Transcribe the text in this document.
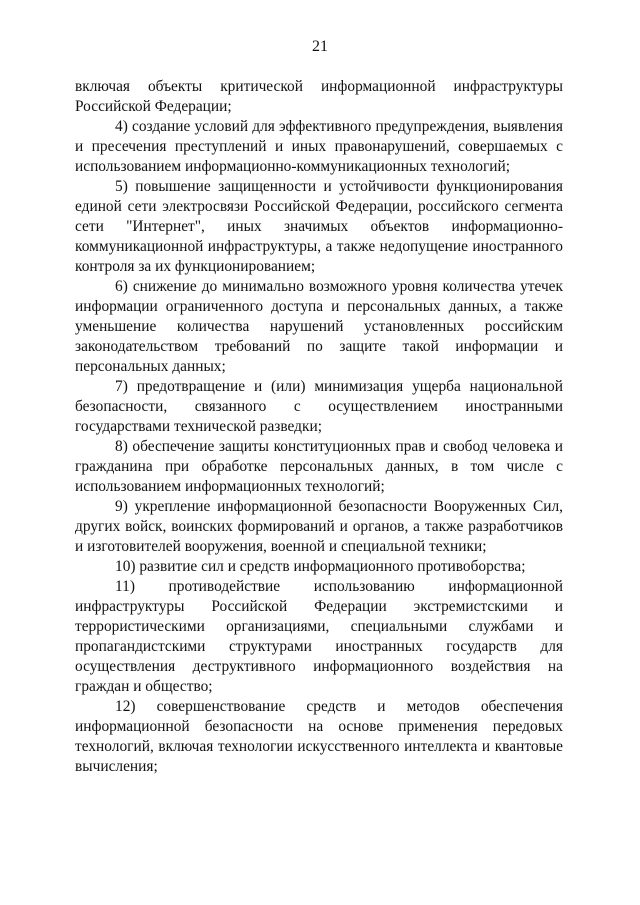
21

включая объекты критической информационной инфраструктуры Российской Федерации;

4) создание условий для эффективного предупреждения, выявления и пресечения преступлений и иных правонарушений, совершаемых с использованием информационно-коммуникационных технологий;

5) повышение защищенности и устойчивости функционирования единой сети электросвязи Российской Федерации, российского сегмента сети "Интернет", иных значимых объектов информационно-коммуникационной инфраструктуры, а также недопущение иностранного контроля за их функционированием;

6) снижение до минимально возможного уровня количества утечек информации ограниченного доступа и персональных данных, а также уменьшение количества нарушений установленных российским законодательством требований по защите такой информации и персональных данных;

7) предотвращение и (или) минимизация ущерба национальной безопасности, связанного с осуществлением иностранными государствами технической разведки;

8) обеспечение защиты конституционных прав и свобод человека и гражданина при обработке персональных данных, в том числе с использованием информационных технологий;

9) укрепление информационной безопасности Вооруженных Сил, других войск, воинских формирований и органов, а также разработчиков и изготовителей вооружения, военной и специальной техники;

10) развитие сил и средств информационного противоборства;

11) противодействие использованию информационной инфраструктуры Российской Федерации экстремистскими и террористическими организациями, специальными службами и пропагандистскими структурами иностранных государств для осуществления деструктивного информационного воздействия на граждан и общество;

12) совершенствование средств и методов обеспечения информационной безопасности на основе применения передовых технологий, включая технологии искусственного интеллекта и квантовые вычисления;
